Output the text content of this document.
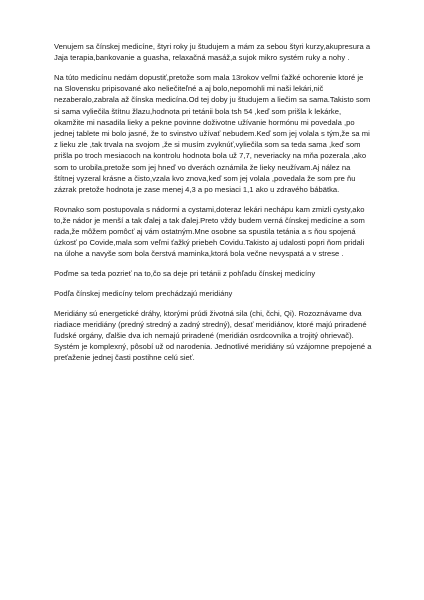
Venujem sa čínskej medicíne, štyri roky ju študujem a mám za sebou štyri kurzy,akupresura a Jaja terapia,bankovanie a guasha, relaxačná masáž,a sujok mikro systém ruky a nohy .

Na túto medicínu nedám dopustiť,pretože som mala 13rokov veľmi ťažké ochorenie ktoré je na Slovensku pripisované ako neliečiteľné a aj bolo,nepomohli mi naši lekári,nič nezaberalo,zabrala až čínska medicína.Od tej doby ju študujem a liečim sa sama.Takisto som si sama vyliečila štítnu žlazu,hodnota pri tetánii bola tsh 54 ,keď som prišla k lekárke, okamžite mi nasadila lieky a pekne povinne doživotne užívanie hormónu mi povedala ,po jednej tablete mi bolo jasné, že to svinstvo užívať nebudem.Keď som jej volala s tým,že sa mi z lieku zle ,tak trvala na svojom ,že si musím zvyknúť,vyliečila som sa teda sama ,keď som prišla po troch mesiacoch na kontrolu hodnota bola už 7,7, neveriacky na mňa pozerala ,ako som to urobila,pretože som jej hneď vo dverách oznámila že lieky neužívam.Aj nález na štítnej vyzeral krásne a čisto,vzala kvo znova,keď som jej volala ,povedala že som pre ňu zázrak pretože hodnota je zase menej 4,3 a po mesiaci 1,1 ako u zdravého bábätka.

Rovnako som postupovala s nádormi a cystami,doteraz lekári nechápu kam zmizli cysty,ako to,že nádor je menší a tak ďalej a tak ďalej.Preto vždy budem verná čínskej medicíne a som rada,že môžem pomôcť aj vám ostatným.Mne osobne sa spustila tetánia a s ňou spojená úzkosť po Covide,mala som veľmi ťažký priebeh Covidu.Takisto aj udalosti popri ňom pridali na úlohe a navyše som bola čerstvá maminka,ktorá bola večne nevyspatá a v strese .

Poďme sa teda pozrieť na to,čo sa deje pri tetánii z pohľadu čínskej medicíny

Podľa čínskej medicíny telom prechádzajú meridiány

Meridiány sú energetické dráhy, ktorými prúdi životná sila (chi, čchi, Qi). Rozoznávame dva riadiace meridiány (predný stredný a zadný stredný), desať meridiánov, ktoré majú priradené ľudské orgány, ďalšie dva ich nemajú priradené (meridián osrdcovníka a trojitý ohrievač). Systém je komplexný, pôsobí už od narodenia. Jednotlivé meridiány sú vzájomne prepojené a preťaženie jednej časti postihne celú sieť.
